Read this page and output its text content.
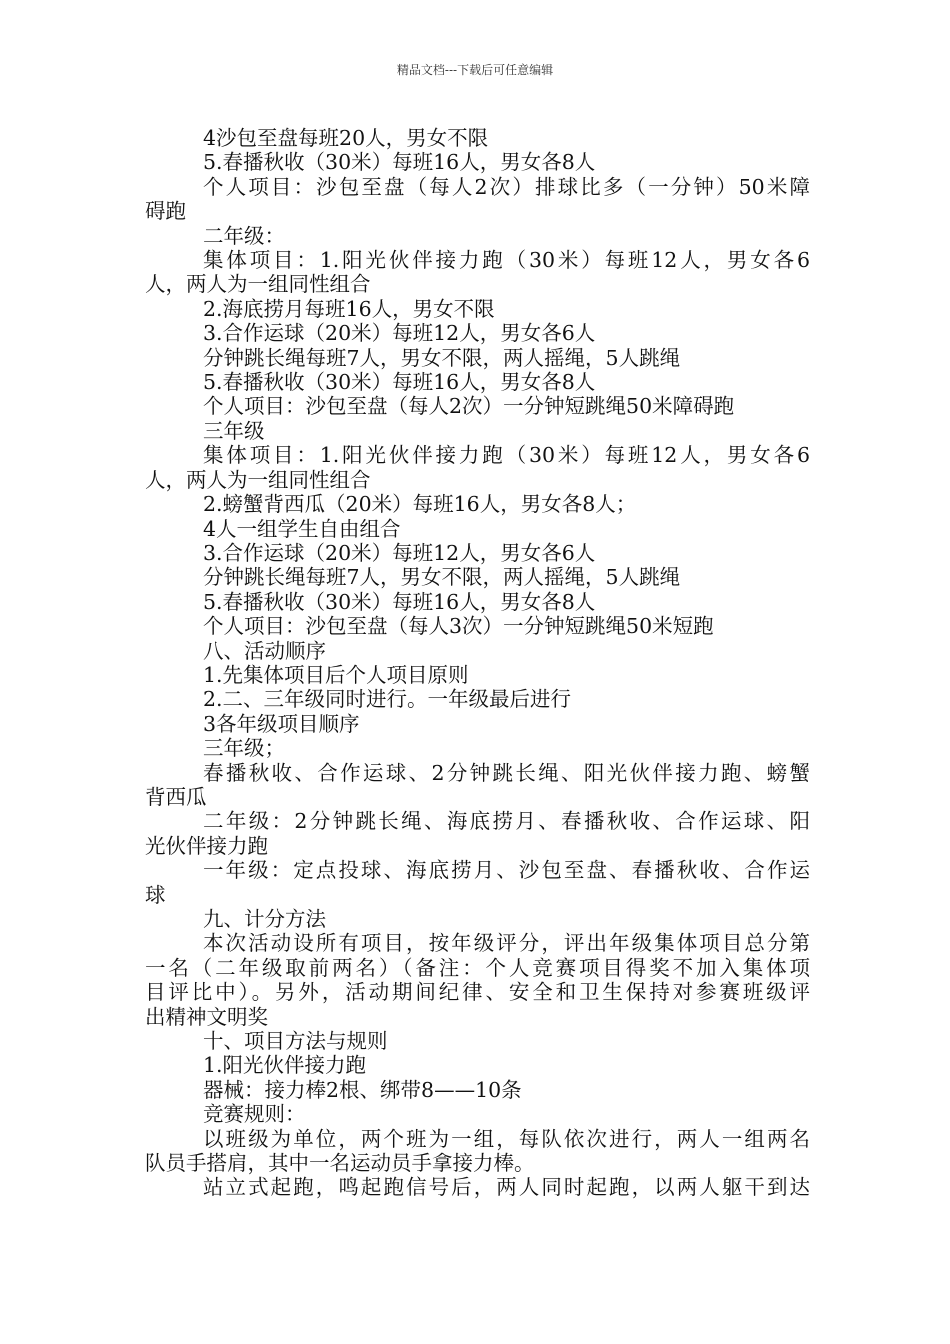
精品文档---下载后可任意编辑
4沙包至盘每班20人，男女不限
5.春播秋收（30米）每班16人，男女各8人
个人项目：沙包至盘（每人2次）排球比多（一分钟）50米障
碍跑
二年级：
集体项目：1.阳光伙伴接力跑（30米）每班12人，男女各6
人，两人为一组同性组合
2.海底捞月每班16人，男女不限
3.合作运球（20米）每班12人，男女各6人
分钟跳长绳每班7人，男女不限，两人摇绳，5人跳绳
5.春播秋收（30米）每班16人，男女各8人
个人项目：沙包至盘（每人2次）一分钟短跳绳50米障碍跑
三年级
集体项目：1.阳光伙伴接力跑（30米）每班12人，男女各6
人，两人为一组同性组合
2.螃蟹背西瓜（20米）每班16人，男女各8人；
4人一组学生自由组合
3.合作运球（20米）每班12人，男女各6人
分钟跳长绳每班7人，男女不限，两人摇绳，5人跳绳
5.春播秋收（30米）每班16人，男女各8人
个人项目：沙包至盘（每人3次）一分钟短跳绳50米短跑
八、活动顺序
1.先集体项目后个人项目原则
2.二、三年级同时进行。一年级最后进行
3各年级项目顺序
三年级；
春播秋收、合作运球、2分钟跳长绳、阳光伙伴接力跑、螃蟹
背西瓜
二年级：2分钟跳长绳、海底捞月、春播秋收、合作运球、阳
光伙伴接力跑
一年级：定点投球、海底捞月、沙包至盘、春播秋收、合作运
球
九、计分方法
本次活动设所有项目，按年级评分，评出年级集体项目总分第
一名（二年级取前两名）（备注：个人竞赛项目得奖不加入集体项
目评比中）。另外，活动期间纪律、安全和卫生保持对参赛班级评
出精神文明奖
十、项目方法与规则
1.阳光伙伴接力跑
器械：接力棒2根、绑带8——10条
竞赛规则：
以班级为单位，两个班为一组，每队依次进行，两人一组两名
队员手搭肩，其中一名运动员手拿接力棒。
站立式起跑，鸣起跑信号后，两人同时起跑，以两人躯干到达
